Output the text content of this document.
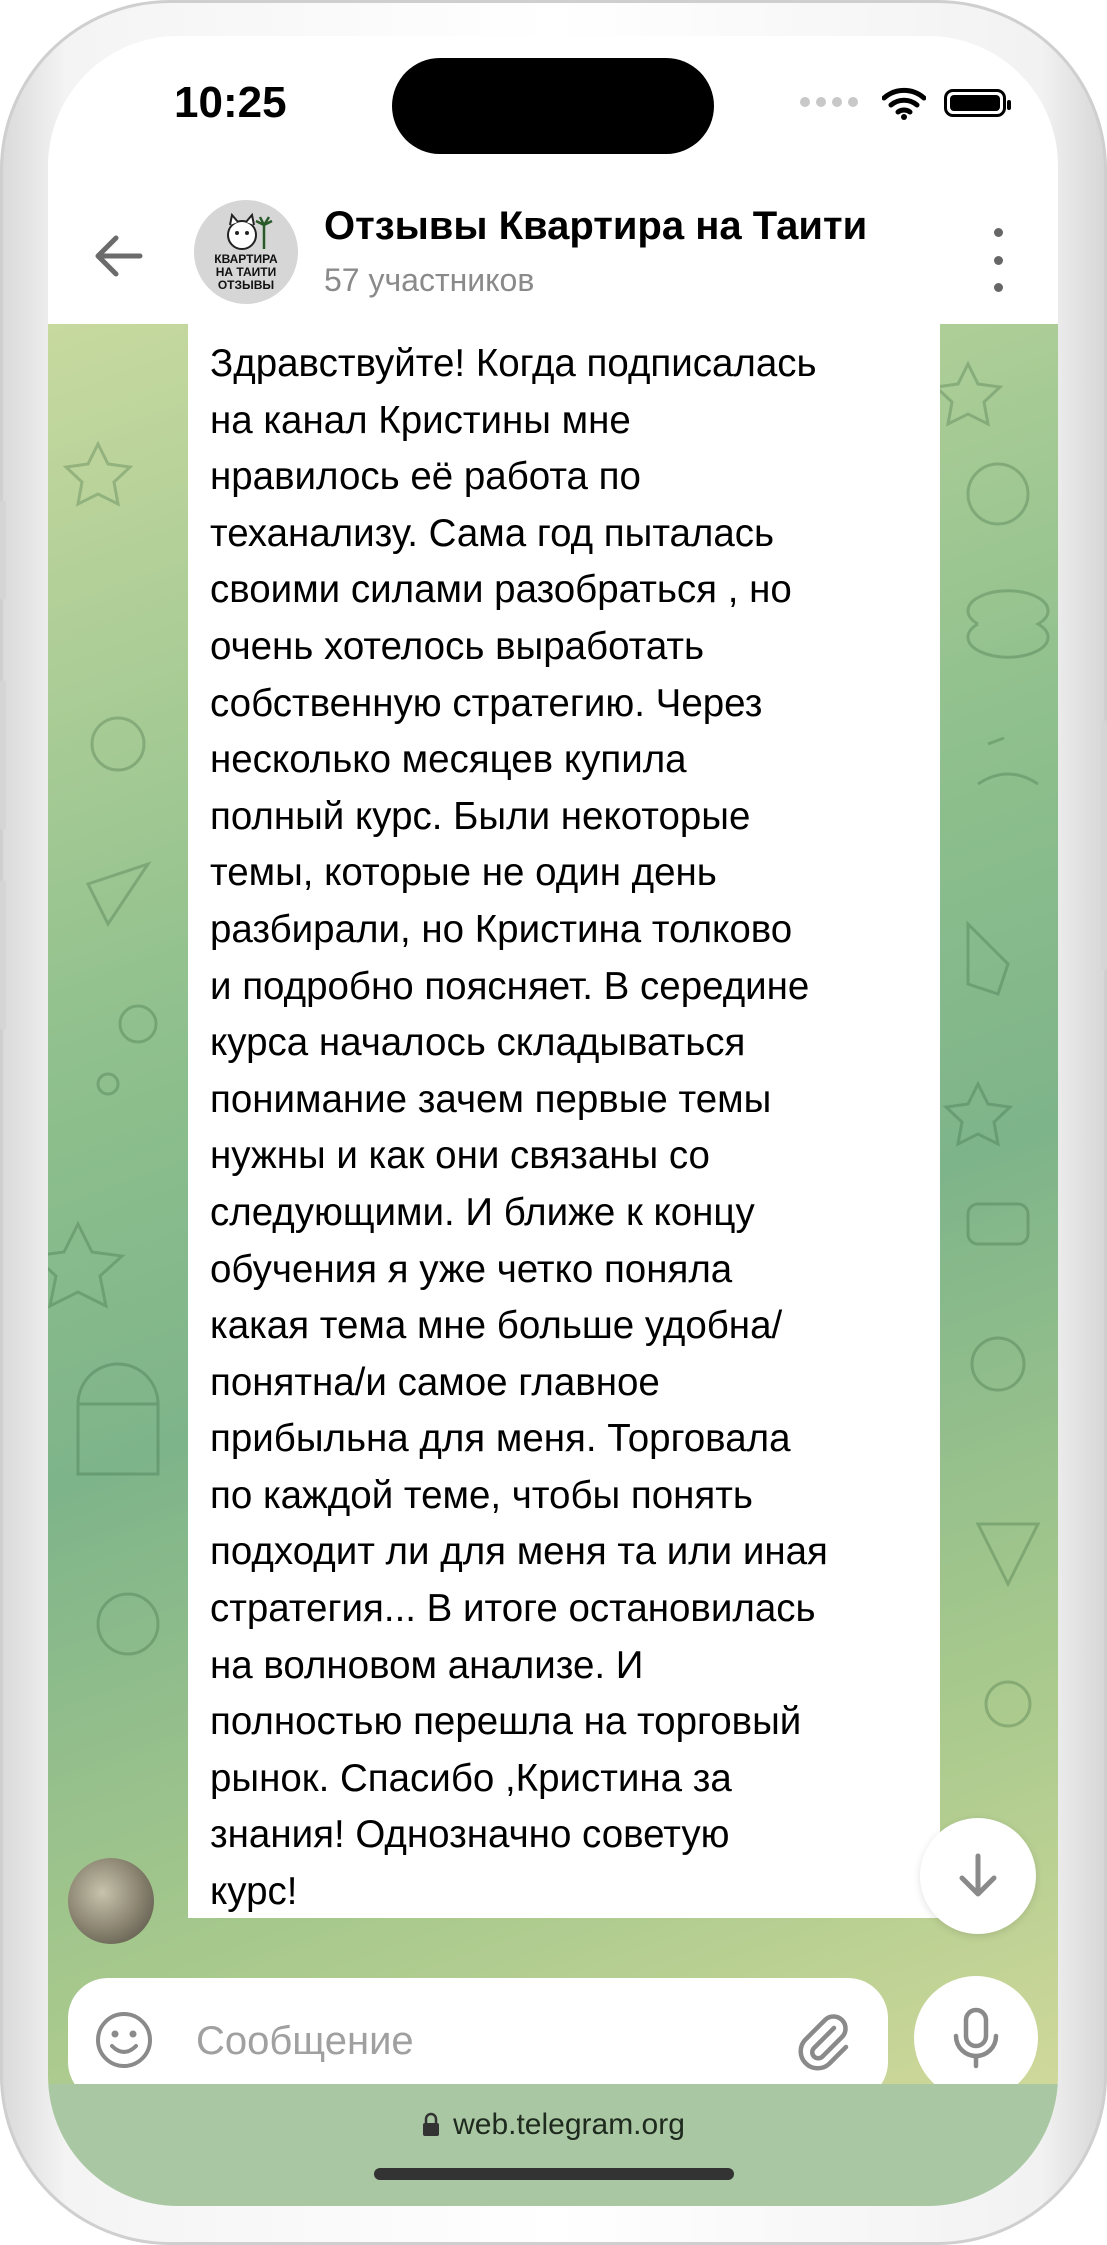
10:25
КВАРТИРА
НА ТАИТИ
ОТЗЫВЫ
Отзывы Квартира на Таити
57 участников

Здравствуйте! Когда подписалась
на канал Кристины мне
нравилось её работа по
теханализу. Сама год пыталась
своими силами разобраться , но
очень хотелось выработать
собственную стратегию. Через
несколько месяцев купила
полный курс. Были некоторые
темы, которые не один день
разбирали, но Кристина толково
и подробно поясняет. В середине
курса началось складываться
понимание зачем первые темы
нужны и как они связаны со
следующими. И ближе к концу
обучения я уже четко поняла
какая тема мне больше удобна/
понятна/и самое главное
прибыльна для меня. Торговала
по каждой теме, чтобы понять
подходит ли для меня та или иная
стратегия... В итоге остановилась
на волновом анализе. И
полностью перешла на торговый
рынок. Спасибо ,Кристина за
знания! Однозначно советую
курс!

Сообщение
web.telegram.org
